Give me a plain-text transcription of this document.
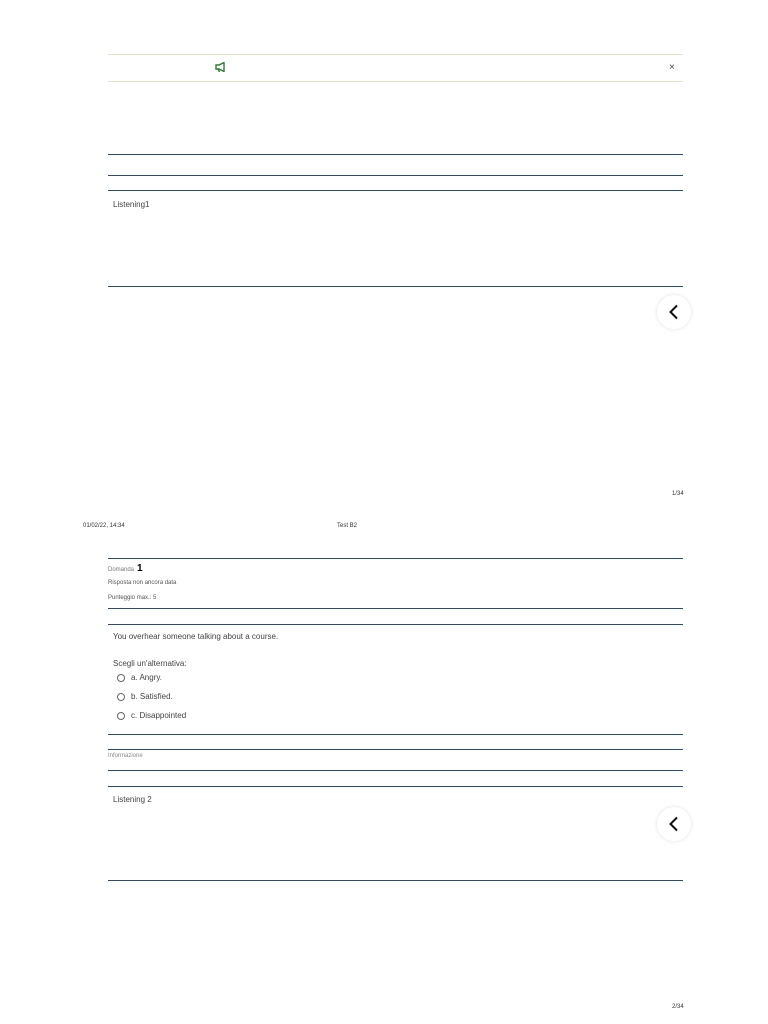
×
Listening1
1/34
01/02/22, 14:34	Test B2
Domanda 1
Risposta non ancora data
Punteggio max.: 5
You overhear someone talking about a course.
Scegli un'alternativa:
a. Angry.
b. Satisfied.
c. Disappointed
Informazione
Listening 2
2/34
